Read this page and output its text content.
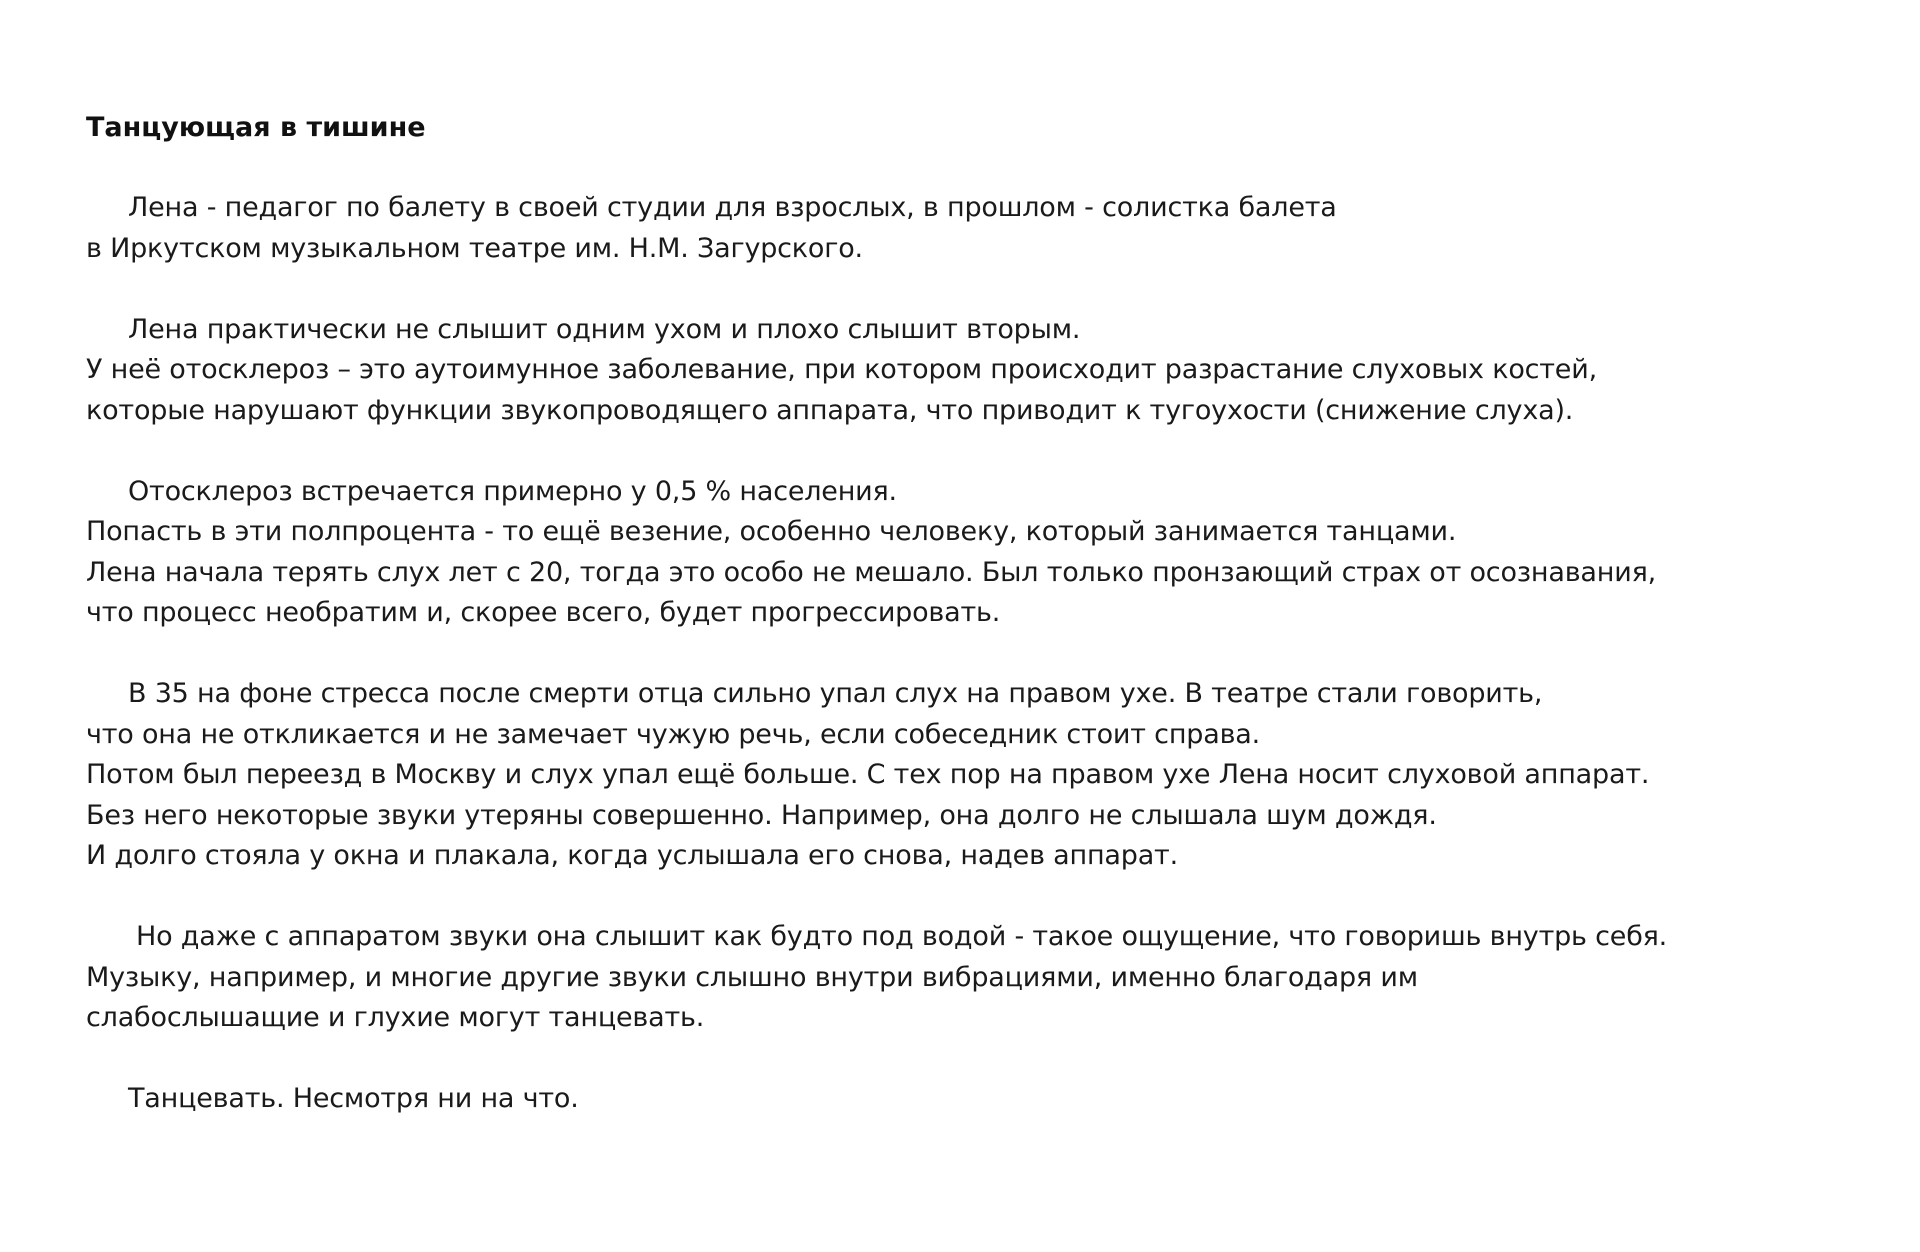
Танцующая в тишине
Лена - педагог по балету в своей студии для взрослых, в прошлом - солистка балета
в Иркутском музыкальном театре им. Н.М. Загурского.
Лена практически не слышит одним ухом и плохо слышит вторым.
У неё отосклероз – это аутоимунное заболевание, при котором происходит разрастание слуховых костей,
которые нарушают функции звукопроводящего аппарата, что приводит к тугоухости (снижение слуха).
Отосклероз встречается примерно у 0,5 % населения.
Попасть в эти полпроцента - то ещё везение, особенно человеку, который занимается танцами.
Лена начала терять слух лет с 20, тогда это особо не мешало. Был только пронзающий страх от осознавания,
что процесс необратим и, скорее всего, будет прогрессировать.
В 35 на фоне стресса после смерти отца сильно упал слух на правом ухе. В театре стали говорить,
что она не откликается и не замечает чужую речь, если собеседник стоит справа.
Потом был переезд в Москву и слух упал ещё больше. С тех пор на правом ухе Лена носит слуховой аппарат.
Без него некоторые звуки утеряны совершенно. Например, она долго не слышала шум дождя.
И долго стояла у окна и плакала, когда услышала его снова, надев аппарат.
Но даже с аппаратом звуки она слышит как будто под водой - такое ощущение, что говоришь внутрь себя.
Музыку, например, и многие другие звуки слышно внутри вибрациями, именно благодаря им
слабослышащие и глухие могут танцевать.
Танцевать. Несмотря ни на что.
